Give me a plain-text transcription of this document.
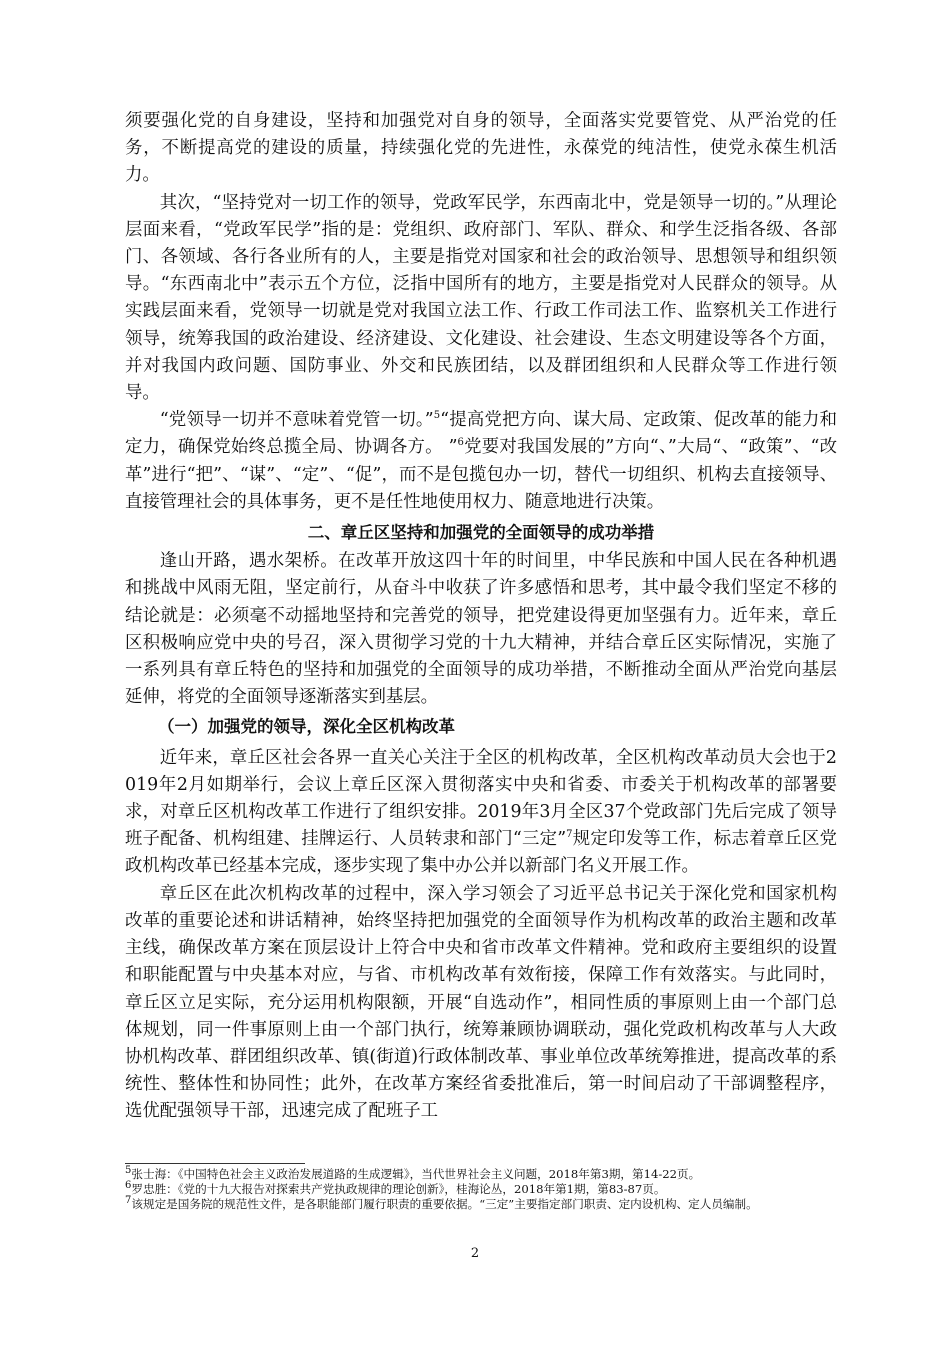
须要强化党的自身建设，坚持和加强党对自身的领导，全面落实党要管党、从严治党的任务，不断提高党的建设的质量，持续强化党的先进性，永葆党的纯洁性，使党永葆生机活力。

其次，“坚持党对一切工作的领导，党政军民学，东西南北中，党是领导一切的。”从理论层面来看，“党政军民学”指的是：党组织、政府部门、军队、群众、和学生泛指各级、各部门、各领域、各行各业所有的人，主要是指党对国家和社会的政治领导、思想领导和组织领导。“东西南北中”表示五个方位，泛指中国所有的地方，主要是指党对人民群众的领导。从实践层面来看，党领导一切就是党对我国立法工作、行政工作司法工作、监察机关工作进行领导，统筹我国的政治建设、经济建设、文化建设、社会建设、生态文明建设等各个方面，并对我国内政问题、国防事业、外交和民族团结，以及群团组织和人民群众等工作进行领导。

“党领导一切并不意味着党管一切。”$^5$“提高党把方向、谋大局、定政策、促改革的能力和定力，确保党始终总揽全局、协调各方。 ”$^6$党要对我国发展的”方向“、”大局“、“政策”、“改革”进行“把”、“谋”、“定”、“促”，而不是包揽包办一切，替代一切组织、机构去直接领导、直接管理社会的具体事务，更不是任性地使用权力、随意地进行决策。

二、章丘区坚持和加强党的全面领导的成功举措

逢山开路，遇水架桥。在改革开放这四十年的时间里，中华民族和中国人民在各种机遇和挑战中风雨无阻，坚定前行，从奋斗中收获了许多感悟和思考，其中最令我们坚定不移的结论就是：必须毫不动摇地坚持和完善党的领导，把党建设得更加坚强有力。近年来，章丘区积极响应党中央的号召，深入贯彻学习党的十九大精神，并结合章丘区实际情况，实施了一系列具有章丘特色的坚持和加强党的全面领导的成功举措，不断推动全面从严治党向基层延伸，将党的全面领导逐渐落实到基层。

（一）加强党的领导，深化全区机构改革

近年来，章丘区社会各界一直关心关注于全区的机构改革，全区机构改革动员大会也于2019年2月如期举行，会议上章丘区深入贯彻落实中央和省委、市委关于机构改革的部署要求，对章丘区机构改革工作进行了组织安排。2019年3月全区37个党政部门先后完成了领导班子配备、机构组建、挂牌运行、人员转隶和部门“三定”$^7$规定印发等工作，标志着章丘区党政机构改革已经基本完成，逐步实现了集中办公并以新部门名义开展工作。

章丘区在此次机构改革的过程中，深入学习领会了习近平总书记关于深化党和国家机构改革的重要论述和讲话精神，始终坚持把加强党的全面领导作为机构改革的政治主题和改革主线，确保改革方案在顶层设计上符合中央和省市改革文件精神。党和政府主要组织的设置和职能配置与中央基本对应，与省、市机构改革有效衔接，保障工作有效落实。与此同时，章丘区立足实际，充分运用机构限额，开展“自选动作”，相同性质的事原则上由一个部门总体规划，同一件事原则上由一个部门执行，统筹兼顾协调联动，强化党政机构改革与人大政协机构改革、群团组织改革、镇(街道)行政体制改革、事业单位改革统筹推进，提高改革的系统性、整体性和协同性；此外，在改革方案经省委批准后，第一时间启动了干部调整程序，选优配强领导干部，迅速完成了配班子工

$^5$张士海：《中国特色社会主义政治发展道路的生成逻辑》，当代世界社会主义问题，2018年第3期，第14-22页。

$^6$罗忠胜：《党的十九大报告对探索共产党执政规律的理论创新》，桂海论丛，2018年第1期，第83-87页。

$^7$该规定是国务院的规范性文件，是各职能部门履行职责的重要依据。“三定”主要指定部门职责、定内设机构、定人员编制。

2
